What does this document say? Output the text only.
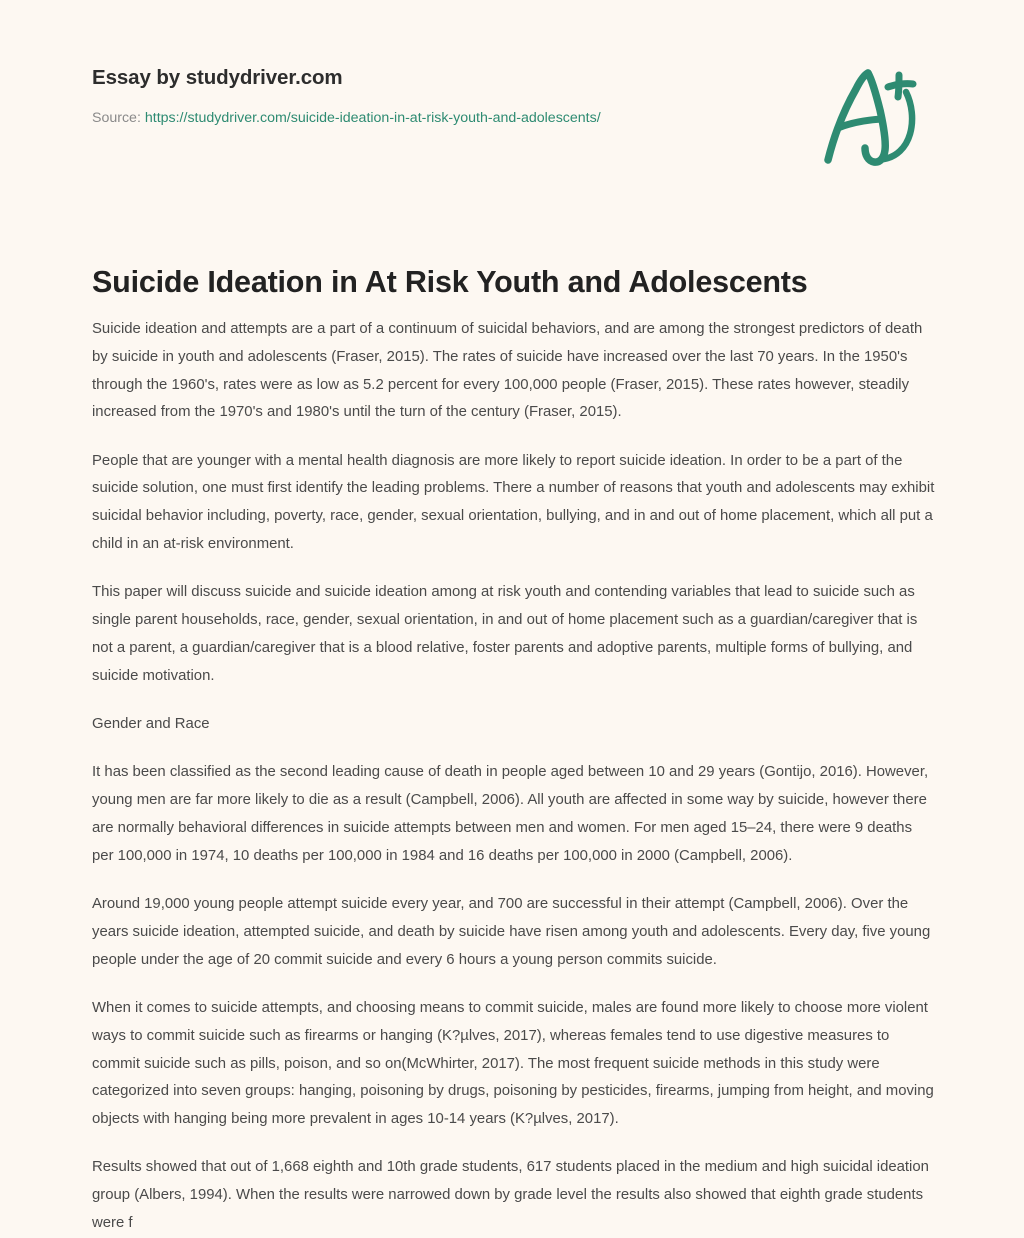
Essay by studydriver.com
Source: https://studydriver.com/suicide-ideation-in-at-risk-youth-and-adolescents/
Suicide Ideation in At Risk Youth and Adolescents

Suicide ideation and attempts are a part of a continuum of suicidal behaviors, and are among the strongest predictors of death by suicide in youth and adolescents (Fraser, 2015). The rates of suicide have increased over the last 70 years. In the 1950's through the 1960's, rates were as low as 5.2 percent for every 100,000 people (Fraser, 2015). These rates however, steadily increased from the 1970's and 1980's until the turn of the century (Fraser, 2015).

People that are younger with a mental health diagnosis are more likely to report suicide ideation. In order to be a part of the suicide solution, one must first identify the leading problems. There a number of reasons that youth and adolescents may exhibit suicidal behavior including, poverty, race, gender, sexual orientation, bullying, and in and out of home placement, which all put a child in an at-risk environment.

This paper will discuss suicide and suicide ideation among at risk youth and contending variables that lead to suicide such as single parent households, race, gender, sexual orientation, in and out of home placement such as a guardian/caregiver that is not a parent, a guardian/caregiver that is a blood relative, foster parents and adoptive parents, multiple forms of bullying, and suicide motivation.

Gender and Race

It has been classified as the second leading cause of death in people aged between 10 and 29 years (Gontijo, 2016). However, young men are far more likely to die as a result (Campbell, 2006). All youth are affected in some way by suicide, however there are normally behavioral differences in suicide attempts between men and women. For men aged 15–24, there were 9 deaths per 100,000 in 1974, 10 deaths per 100,000 in 1984 and 16 deaths per 100,000 in 2000 (Campbell, 2006).

Around 19,000 young people attempt suicide every year, and 700 are successful in their attempt (Campbell, 2006). Over the years suicide ideation, attempted suicide, and death by suicide have risen among youth and adolescents. Every day, five young people under the age of 20 commit suicide and every 6 hours a young person commits suicide.

When it comes to suicide attempts, and choosing means to commit suicide, males are found more likely to choose more violent ways to commit suicide such as firearms or hanging (K?µlves, 2017), whereas females tend to use digestive measures to commit suicide such as pills, poison, and so on(McWhirter, 2017). The most frequent suicide methods in this study were categorized into seven groups: hanging, poisoning by drugs, poisoning by pesticides, firearms, jumping from height, and moving objects with hanging being more prevalent in ages 10-14 years (K?µlves, 2017).

Results showed that out of 1,668 eighth and 10th grade students, 617 students placed in the medium and high suicidal ideation group (Albers, 1994). When the results were narrowed down by grade level the results also showed that eighth grade students were f
